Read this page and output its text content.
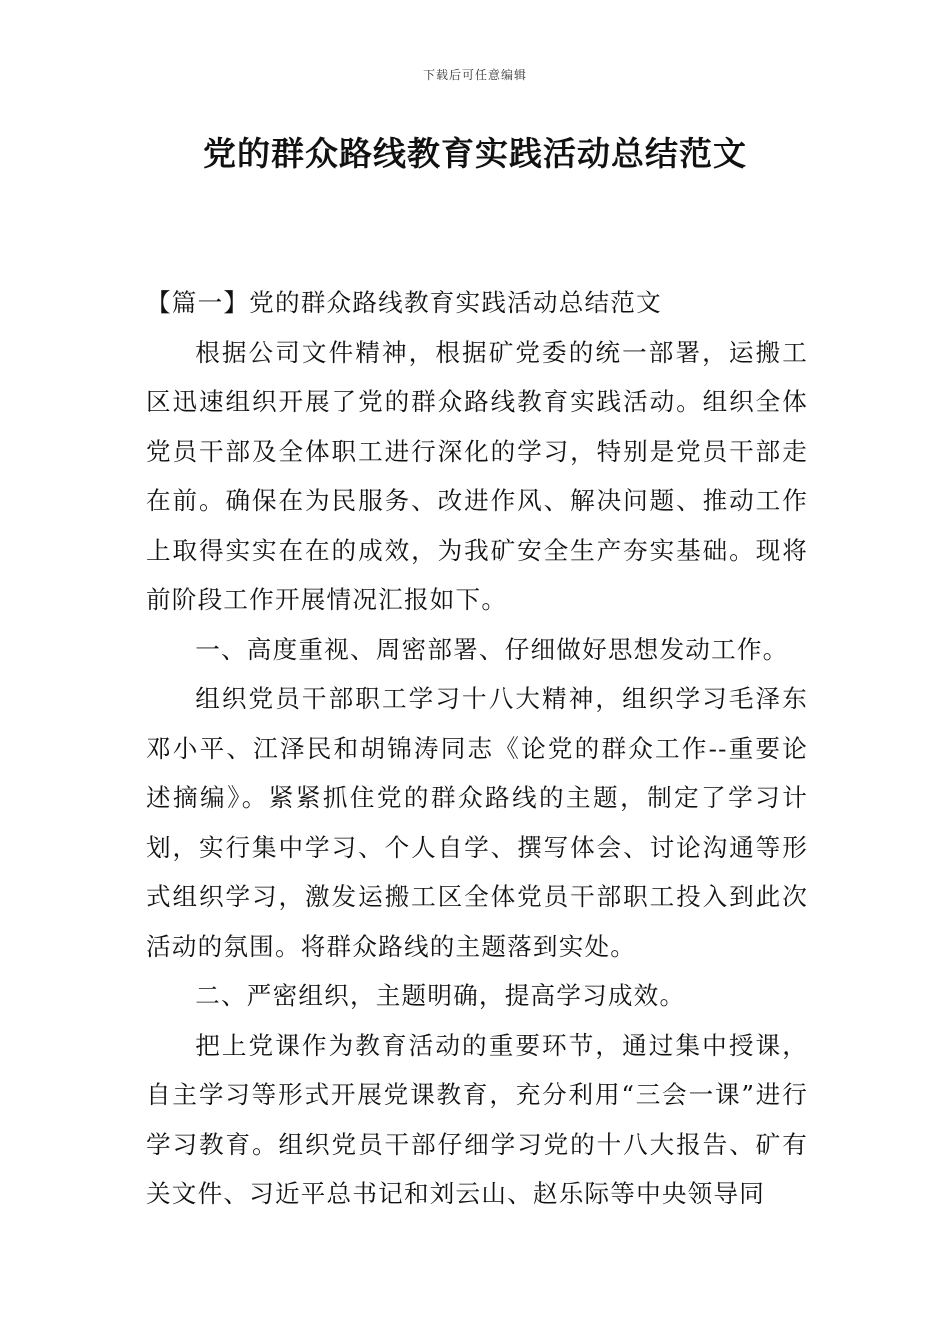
下载后可任意编辑
党的群众路线教育实践活动总结范文

【篇一】党的群众路线教育实践活动总结范文

根据公司文件精神，根据矿党委的统一部署，运搬工区迅速组织开展了党的群众路线教育实践活动。组织全体党员干部及全体职工进行深化的学习，特别是党员干部走在前。确保在为民服务、改进作风、解决问题、推动工作上取得实实在在的成效，为我矿安全生产夯实基础。现将前阶段工作开展情况汇报如下。

一、高度重视、周密部署、仔细做好思想发动工作。

组织党员干部职工学习十八大精神，组织学习毛泽东邓小平、江泽民和胡锦涛同志《论党的群众工作--重要论述摘编》。紧紧抓住党的群众路线的主题，制定了学习计划，实行集中学习、个人自学、撰写体会、讨论沟通等形式组织学习，激发运搬工区全体党员干部职工投入到此次活动的氛围。将群众路线的主题落到实处。

二、严密组织，主题明确，提高学习成效。

把上党课作为教育活动的重要环节，通过集中授课，自主学习等形式开展党课教育，充分利用“三会一课”进行学习教育。组织党员干部仔细学习党的十八大报告、矿有关文件、习近平总书记和刘云山、赵乐际等中央领导同
